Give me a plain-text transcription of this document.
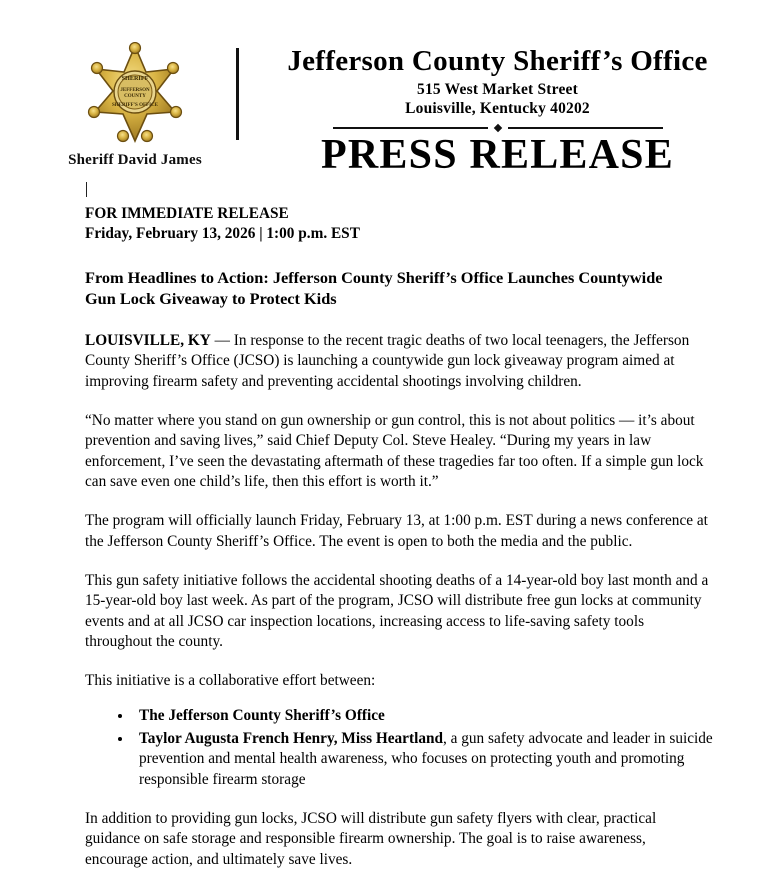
SHERIFF
JEFFERSON
COUNTY
SHERIFF'S OFFICE
Sheriff David James
Jefferson County Sheriff’s Office
515 West Market Street
Louisville, Kentucky 40202
PRESS RELEASE
FOR IMMEDIATE RELEASE
Friday, February 13, 2026 | 1:00 p.m. EST
From Headlines to Action: Jefferson County Sheriff’s Office Launches Countywide Gun Lock Giveaway to Protect Kids

LOUISVILLE, KY — In response to the recent tragic deaths of two local teenagers, the Jefferson County Sheriff’s Office (JCSO) is launching a countywide gun lock giveaway program aimed at improving firearm safety and preventing accidental shootings involving children.

“No matter where you stand on gun ownership or gun control, this is not about politics — it’s about prevention and saving lives,” said Chief Deputy Col. Steve Healey. “During my years in law enforcement, I’ve seen the devastating aftermath of these tragedies far too often. If a simple gun lock can save even one child’s life, then this effort is worth it.”

The program will officially launch Friday, February 13, at 1:00 p.m. EST during a news conference at the Jefferson County Sheriff’s Office. The event is open to both the media and the public.

This gun safety initiative follows the accidental shooting deaths of a 14-year-old boy last month and a 15-year-old boy last week. As part of the program, JCSO will distribute free gun locks at community events and at all JCSO car inspection locations, increasing access to life-saving safety tools throughout the county.

This initiative is a collaborative effort between:

• The Jefferson County Sheriff’s Office
• Taylor Augusta French Henry, Miss Heartland, a gun safety advocate and leader in suicide prevention and mental health awareness, who focuses on protecting youth and promoting responsible firearm storage

In addition to providing gun locks, JCSO will distribute gun safety flyers with clear, practical guidance on safe storage and responsible firearm ownership. The goal is to raise awareness, encourage action, and ultimately save lives.
